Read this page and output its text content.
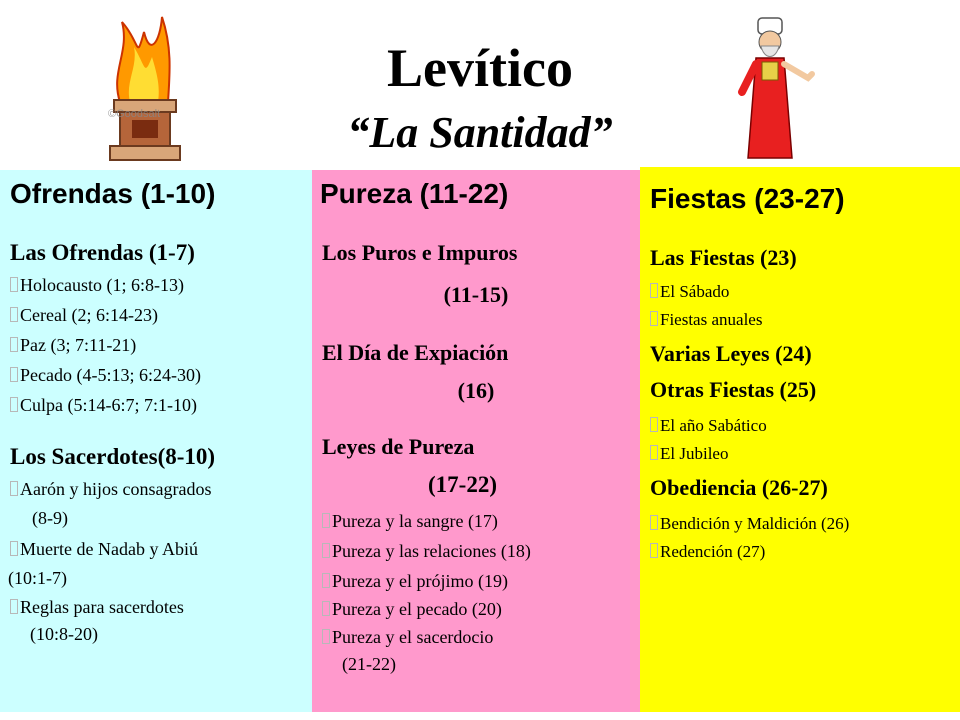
©Goodsalt
Levítico
“La Santidad”
Ofrendas (1-10)
Las Ofrendas (1-7)
Holocausto (1; 6:8-13)
Cereal (2; 6:14-23)
Paz (3; 7:11-21)
Pecado (4-5:13; 6:24-30)
Culpa (5:14-6:7; 7:1-10)
Los Sacerdotes(8-10)
Aarón y hijos consagrados
(8-9)
Muerte de Nadab y Abiú
(10:1-7)
Reglas para sacerdotes
(10:8-20)
Pureza (11-22)
Los Puros e Impuros
(11-15)
El Día de Expiación
(16)
Leyes de Pureza
(17-22)
Pureza y la sangre (17)
Pureza y las relaciones (18)
Pureza y el prójimo (19)
Pureza y el pecado (20)
Pureza y el sacerdocio
(21-22)
Fiestas (23-27)
Las Fiestas (23)
El Sábado
Fiestas anuales
Varias Leyes (24)
Otras Fiestas (25)
El año Sabático
El Jubileo
Obediencia (26-27)
Bendición y Maldición (26)
Redención (27)
